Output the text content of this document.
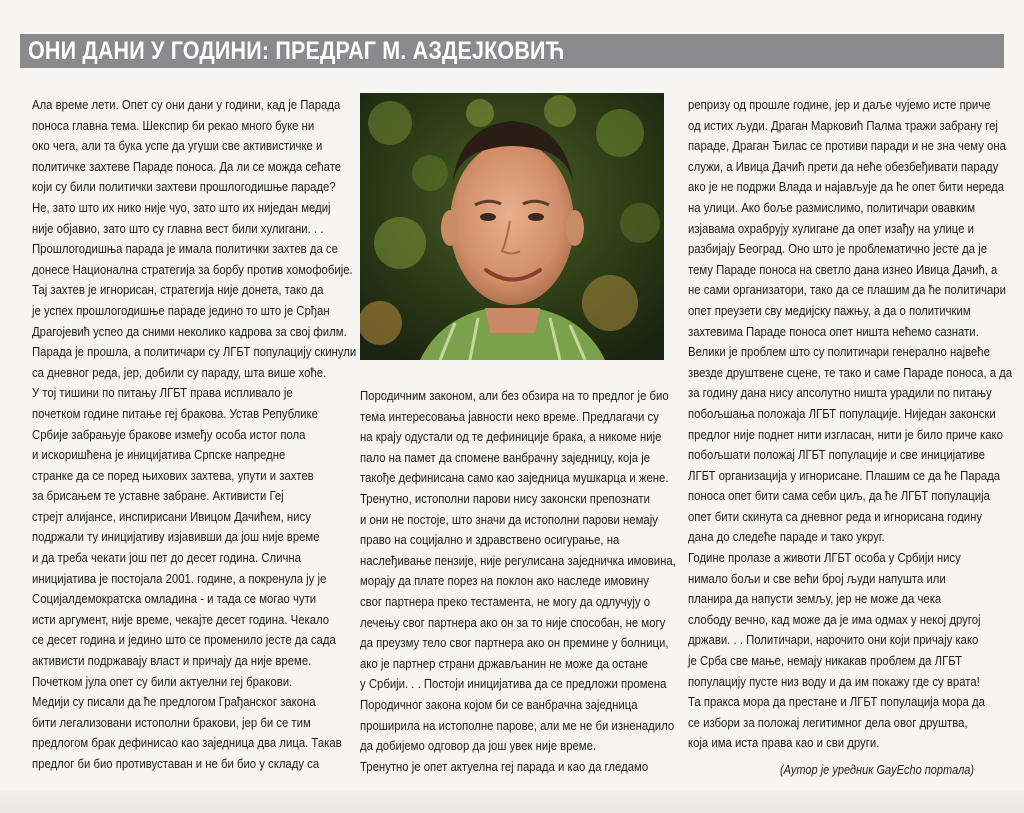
ОНИ ДАНИ У ГОДИНИ: ПРЕДРАГ М. АЗДЕЈКОВИЋ
Ала време лети. Опет су они дани у години, кад је Парада
поноса главна тема. Шекспир би рекао много буке ни
око чега, али та бука успе да угуши све активистичке и
политичке захтеве Параде поноса. Да ли се можда сећате
који су били политички захтеви прошлогодишње параде?
Не, зато што их нико није чуо, зато што их ниједан медиј
није објавио, зато што су главна вест били хулигани. . .
Прошлогодишња парада је имала политички захтев да се
донесе Национална стратегија за борбу против хомофобије.
Тај захтев је игнорисан, стратегија није донета, тако да
је успех прошлогодишње параде једино то што је Срђан
Драгојевић успео да сними неколико кадрова за свој филм.
Парада је прошла, а политичари су ЛГБТ популацију скинули
са дневног реда, јер, добили су параду, шта више хоће.
У тој тишини по питању ЛГБТ права испливало је
почетком године питање геј бракова. Устав Републике
Србије забрањује браковe између особа истог пола
и искоришћена је иницијатива Српске напредне
странке да се поред њихових захтева, упути и захтев
за брисањем те уставне забране. Активисти Геј
стрејт алијансе, инспирисани Ивицом Дачићем, нису
подржали ту иницијативу изјавивши да још није време
и да треба чекати још пет до десет година. Слична
иницијатива је постојала 2001. године, а покренула ју је
Социјалдемократска омладина - и тада се могао чути
исти аргумент, није време, чекајте десет година. Чекало
се десет година и једино што се променило јесте да сада
активисти подржавају власт и причају да није време.
Почетком јула опет су били актуелни геј бракови.
Медији су писали да ће предлогом Грађанског закона
бити легализовани истополни бракови, јер би се тим
предлогом брак дефинисао као заједница два лица. Такав
предлог би био противуставан и не би био у складу са
Породичним законом, али без обзира на то предлог је био
тема интересовања јавности неко време. Предлагачи су
на крају одустали од те дефиниције брака, а никоме није
пало на памет да спомене ванбрачну заједницу, која је
такође дефинисана само као заједница мушкарца и жене.
Тренутно, истополни парови нису законски препознати
и они не постоје, што значи да истополни парови немају
право на социјално и здравствено осигурање, на
наслеђивање пензије, није регулисана заједничка имовина,
морају да плате порез на поклон ако наследе имовину
свог партнера преко тестамента, не могу да одлучују о
лечењу свог партнера ако он за то није способан, не могу
да преузму тело свог партнера ако он премине у болници,
ако је партнер страни држављанин не може да остане
у Србији. . . Постоји иницијатива да се предложи промена
Породичног закона којом би се ванбрачна заједница
проширила на истополне парове, али ме не би изненадило
да добијемо одговор да још увек није време.
Тренутно је опет актуелна геј парада и као да гледамо
репризу од прошле године, јер и даље чујемо исте приче
од истих људи. Драган Марковић Палма тражи забрану геј
параде, Драган Ђилас се противи паради и не зна чему она
служи, а Ивица Дачић прети да неће обезбеђивати параду
ако је не подржи Влада и најављује да ће опет бити нереда
на улици. Ако боље размислимо, политичари овавким
изјавама охрабрују хулигане да опет изађу на улице и
разбијају Београд. Оно што је проблематично јесте да је
тему Параде поноса на светло дана изнео Ивица Дачић, а
не сами организатори, тако да се плашим да ће политичари
опет преузети сву медијску пажњу, а да о политичким
захтевима Параде поноса опет ништа нећемо сазнати.
Велики је проблем што су политичари генерално највеће
звезде друштвене сцене, те тако и саме Параде поноса, а да
за годину дана нису апсолутно ништа урадили по питању
побољшања положаја ЛГБТ популације. Ниједан законски
предлог није поднет нити изгласан, нити је било приче како
побољшати положај ЛГБТ популације и све иницијативе
ЛГБТ организација у игнорисане. Плашим се да ће Парада
поноса опет бити сама себи циљ, да ће ЛГБТ популација
опет бити скинута са дневног реда и игнорисана годину
дана до следеће параде и тако укруг.
Године пролазе а животи ЛГБТ особа у Србији нису
нимало бољи и све већи број људи напушта или
планира да напусти земљу, јер не може да чека
слободу вечно, кад може да је има одмах у некој другој
држави. . . Политичари, нарочито они који причају како
је Срба све мање, немају никакав проблем да ЛГБТ
популацију пусте низ воду и да им покажу где су врата!
Та пракса мора да престане и ЛГБТ популација мора да
се избори за положај легитимног дела овог друштва,
која има иста права као и сви други.
(Аутор је уредник GayEcho портала)
